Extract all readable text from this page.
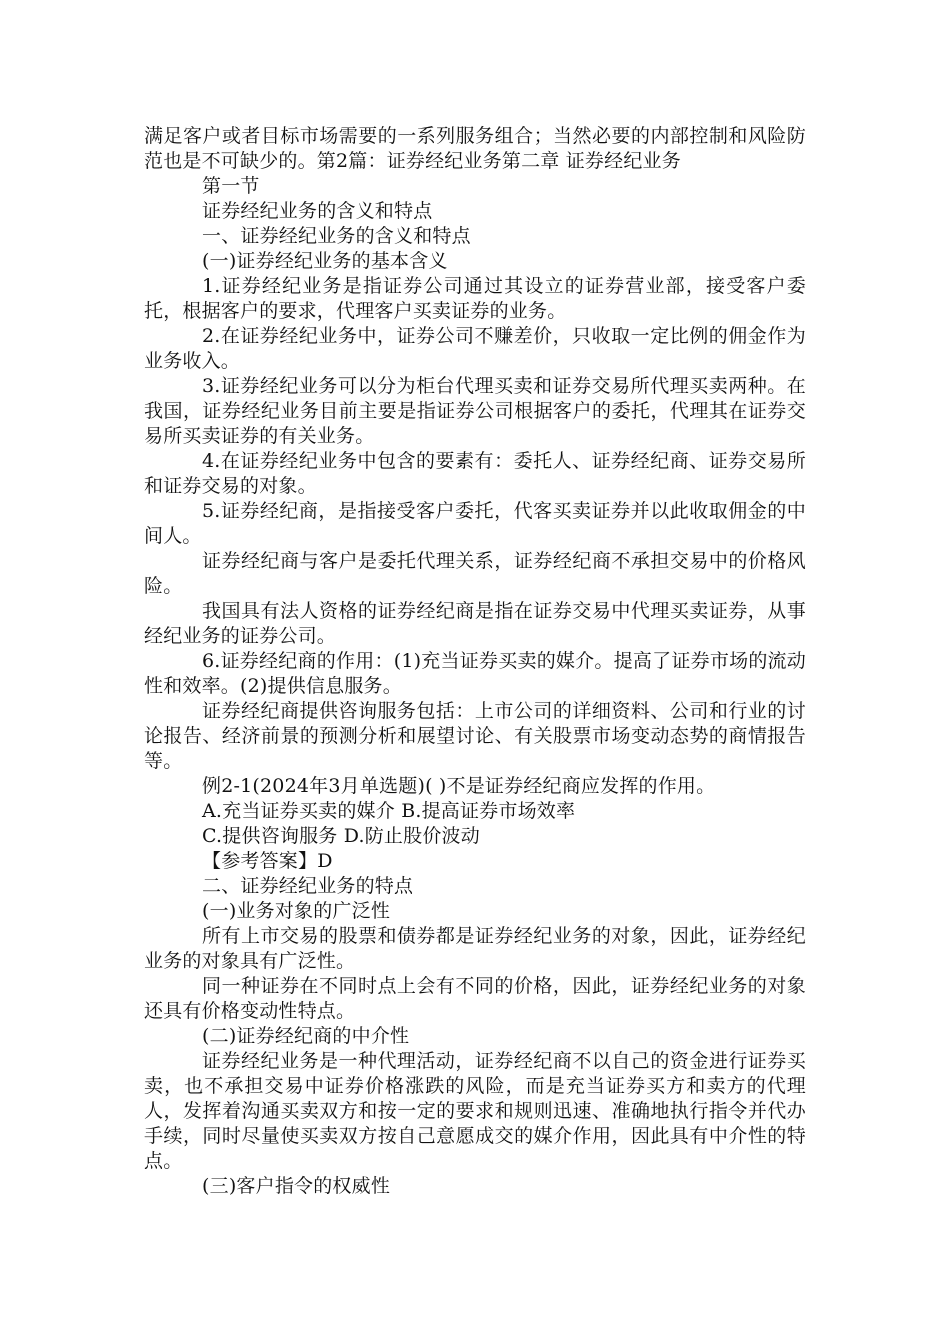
满足客户或者目标市场需要的一系列服务组合；当然必要的内部控制和风险防范也是不可缺少的。第2篇：证券经纪业务第二章 证券经纪业务

第一节

证券经纪业务的含义和特点

一、证券经纪业务的含义和特点

(一)证券经纪业务的基本含义

1.证券经纪业务是指证券公司通过其设立的证券营业部，接受客户委托，根据客户的要求，代理客户买卖证券的业务。

2.在证券经纪业务中，证券公司不赚差价，只收取一定比例的佣金作为业务收入。

3.证券经纪业务可以分为柜台代理买卖和证券交易所代理买卖两种。在我国，证券经纪业务目前主要是指证券公司根据客户的委托，代理其在证券交易所买卖证券的有关业务。

4.在证券经纪业务中包含的要素有：委托人、证券经纪商、证券交易所和证券交易的对象。

5.证券经纪商，是指接受客户委托，代客买卖证券并以此收取佣金的中间人。

证券经纪商与客户是委托代理关系，证券经纪商不承担交易中的价格风险。

我国具有法人资格的证券经纪商是指在证券交易中代理买卖证券，从事经纪业务的证券公司。

6.证券经纪商的作用：(1)充当证券买卖的媒介。提高了证券市场的流动性和效率。(2)提供信息服务。

证券经纪商提供咨询服务包括：上市公司的详细资料、公司和行业的讨论报告、经济前景的预测分析和展望讨论、有关股票市场变动态势的商情报告等。

例2-1(2024年3月单选题)( )不是证券经纪商应发挥的作用。

A.充当证券买卖的媒介 B.提高证券市场效率

C.提供咨询服务 D.防止股价波动

【参考答案】D

二、证券经纪业务的特点

(一)业务对象的广泛性

所有上市交易的股票和债券都是证券经纪业务的对象，因此，证券经纪业务的对象具有广泛性。

同一种证券在不同时点上会有不同的价格，因此，证券经纪业务的对象还具有价格变动性特点。

(二)证券经纪商的中介性

证券经纪业务是一种代理活动，证券经纪商不以自己的资金进行证券买卖，也不承担交易中证券价格涨跌的风险，而是充当证券买方和卖方的代理人，发挥着沟通买卖双方和按一定的要求和规则迅速、准确地执行指令并代办手续，同时尽量使买卖双方按自己意愿成交的媒介作用，因此具有中介性的特点。

(三)客户指令的权威性
